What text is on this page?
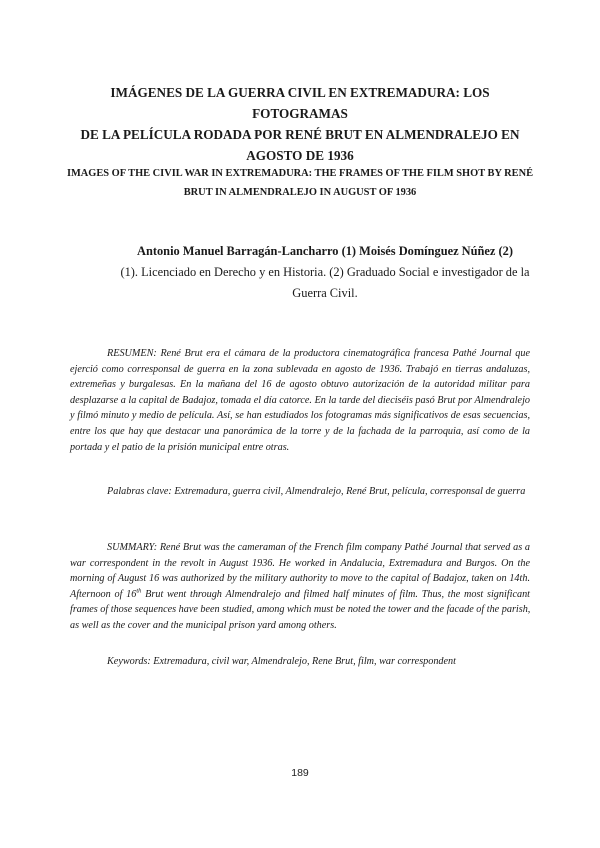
IMÁGENES DE LA GUERRA CIVIL EN EXTREMADURA: LOS FOTOGRAMAS
DE LA PELÍCULA RODADA POR RENÉ BRUT EN ALMENDRALEJO EN
AGOSTO DE 1936
IMAGES OF THE CIVIL WAR IN EXTREMADURA: THE FRAMES OF THE FILM SHOT BY RENÉ
BRUT IN ALMENDRALEJO IN AUGUST OF 1936
Antonio Manuel Barragán-Lancharro (1) Moisés Domínguez Núñez (2)
(1). Licenciado en Derecho y en Historia. (2) Graduado Social e investigador de la
Guerra Civil.
RESUMEN: René Brut era el cámara de la productora cinematográfica francesa Pathé Journal que
ejerció como corresponsal de guerra en la zona sublevada en agosto de 1936. Trabajó en tierras andaluzas,
extremeñas y burgalesas. En la mañana del 16 de agosto obtuvo autorización de la autoridad militar para
desplazarse a la capital de Badajoz, tomada el día catorce. En la tarde del dieciséis pasó Brut por Almendralejo
y filmó minuto y medio de película. Así, se han estudiados los fotogramas más significativos de esas secuencias,
entre los que hay que destacar una panorámica de la torre y de la fachada de la parroquia, así como de la
portada y el patio de la prisión municipal entre otras.
Palabras clave: Extremadura, guerra civil, Almendralejo, René Brut, película, corresponsal de guerra
SUMMARY: René Brut was the cameraman of the French film company Pathé Journal that served as a
war correspondent in the revolt in August 1936. He worked in Andalucia, Extremadura and Burgos. On the
morning of August 16 was authorized by the military authority to move to the capital of Badajoz, taken on 14th.
Afternoon of 16th Brut went through Almendralejo and filmed half minutes of film. Thus, the most significant
frames of those sequences have been studied, among which must be noted the tower and the facade of the parish,
as well as the cover and the municipal prison yard among others.
Keywords: Extremadura, civil war, Almendralejo, Rene Brut, film, war correspondent
189
